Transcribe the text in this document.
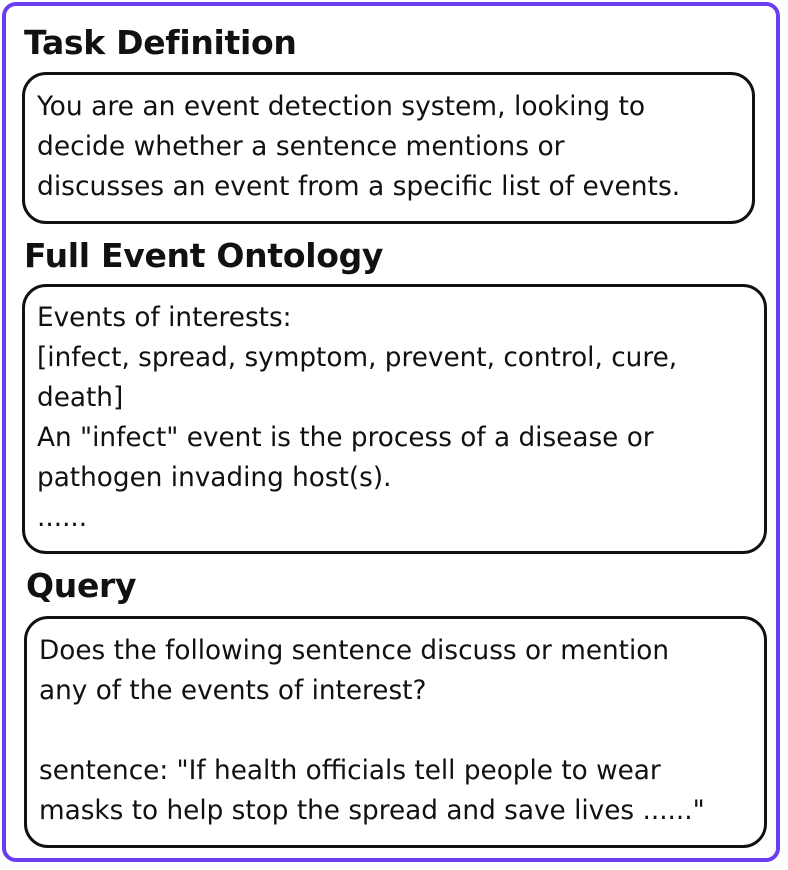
Task Definition
You are an event detection system, looking to
decide whether a sentence mentions or
discusses an event from a specific list of events.
Full Event Ontology
Events of interests:
[infect, spread, symptom, prevent, control, cure,
death]
An "infect" event is the process of a disease or
pathogen invading host(s).
......
Query
Does the following sentence discuss or mention
any of the events of interest?
sentence: "If health officials tell people to wear
masks to help stop the spread and save lives ......"
